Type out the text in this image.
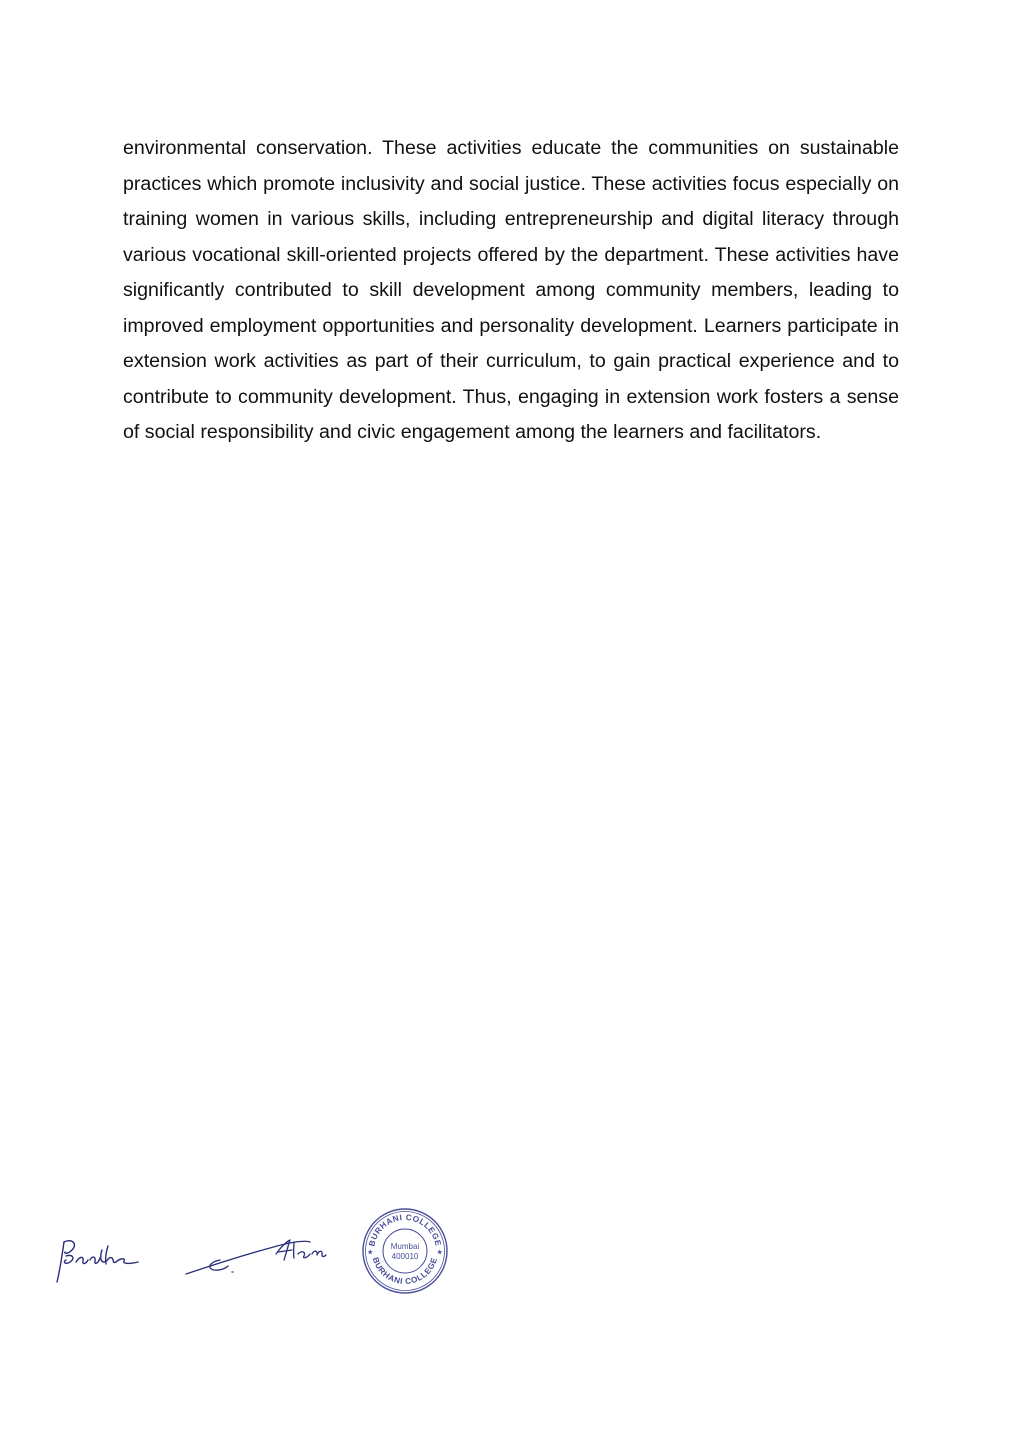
environmental conservation. These activities educate the communities on sustainable practices which promote inclusivity and social justice. These activities focus especially on training women in various skills, including entrepreneurship and digital literacy through various vocational skill-oriented projects offered by the department. These activities have significantly contributed to skill development among community members, leading to improved employment opportunities and personality development. Learners participate in extension work activities as part of their curriculum, to gain practical experience and to contribute to community development. Thus, engaging in extension work fosters a sense of social responsibility and civic engagement among the learners and facilitators.

BURHANI COLLEGE
BURHANI COLLEGE
★	★
Mumbai
400010
